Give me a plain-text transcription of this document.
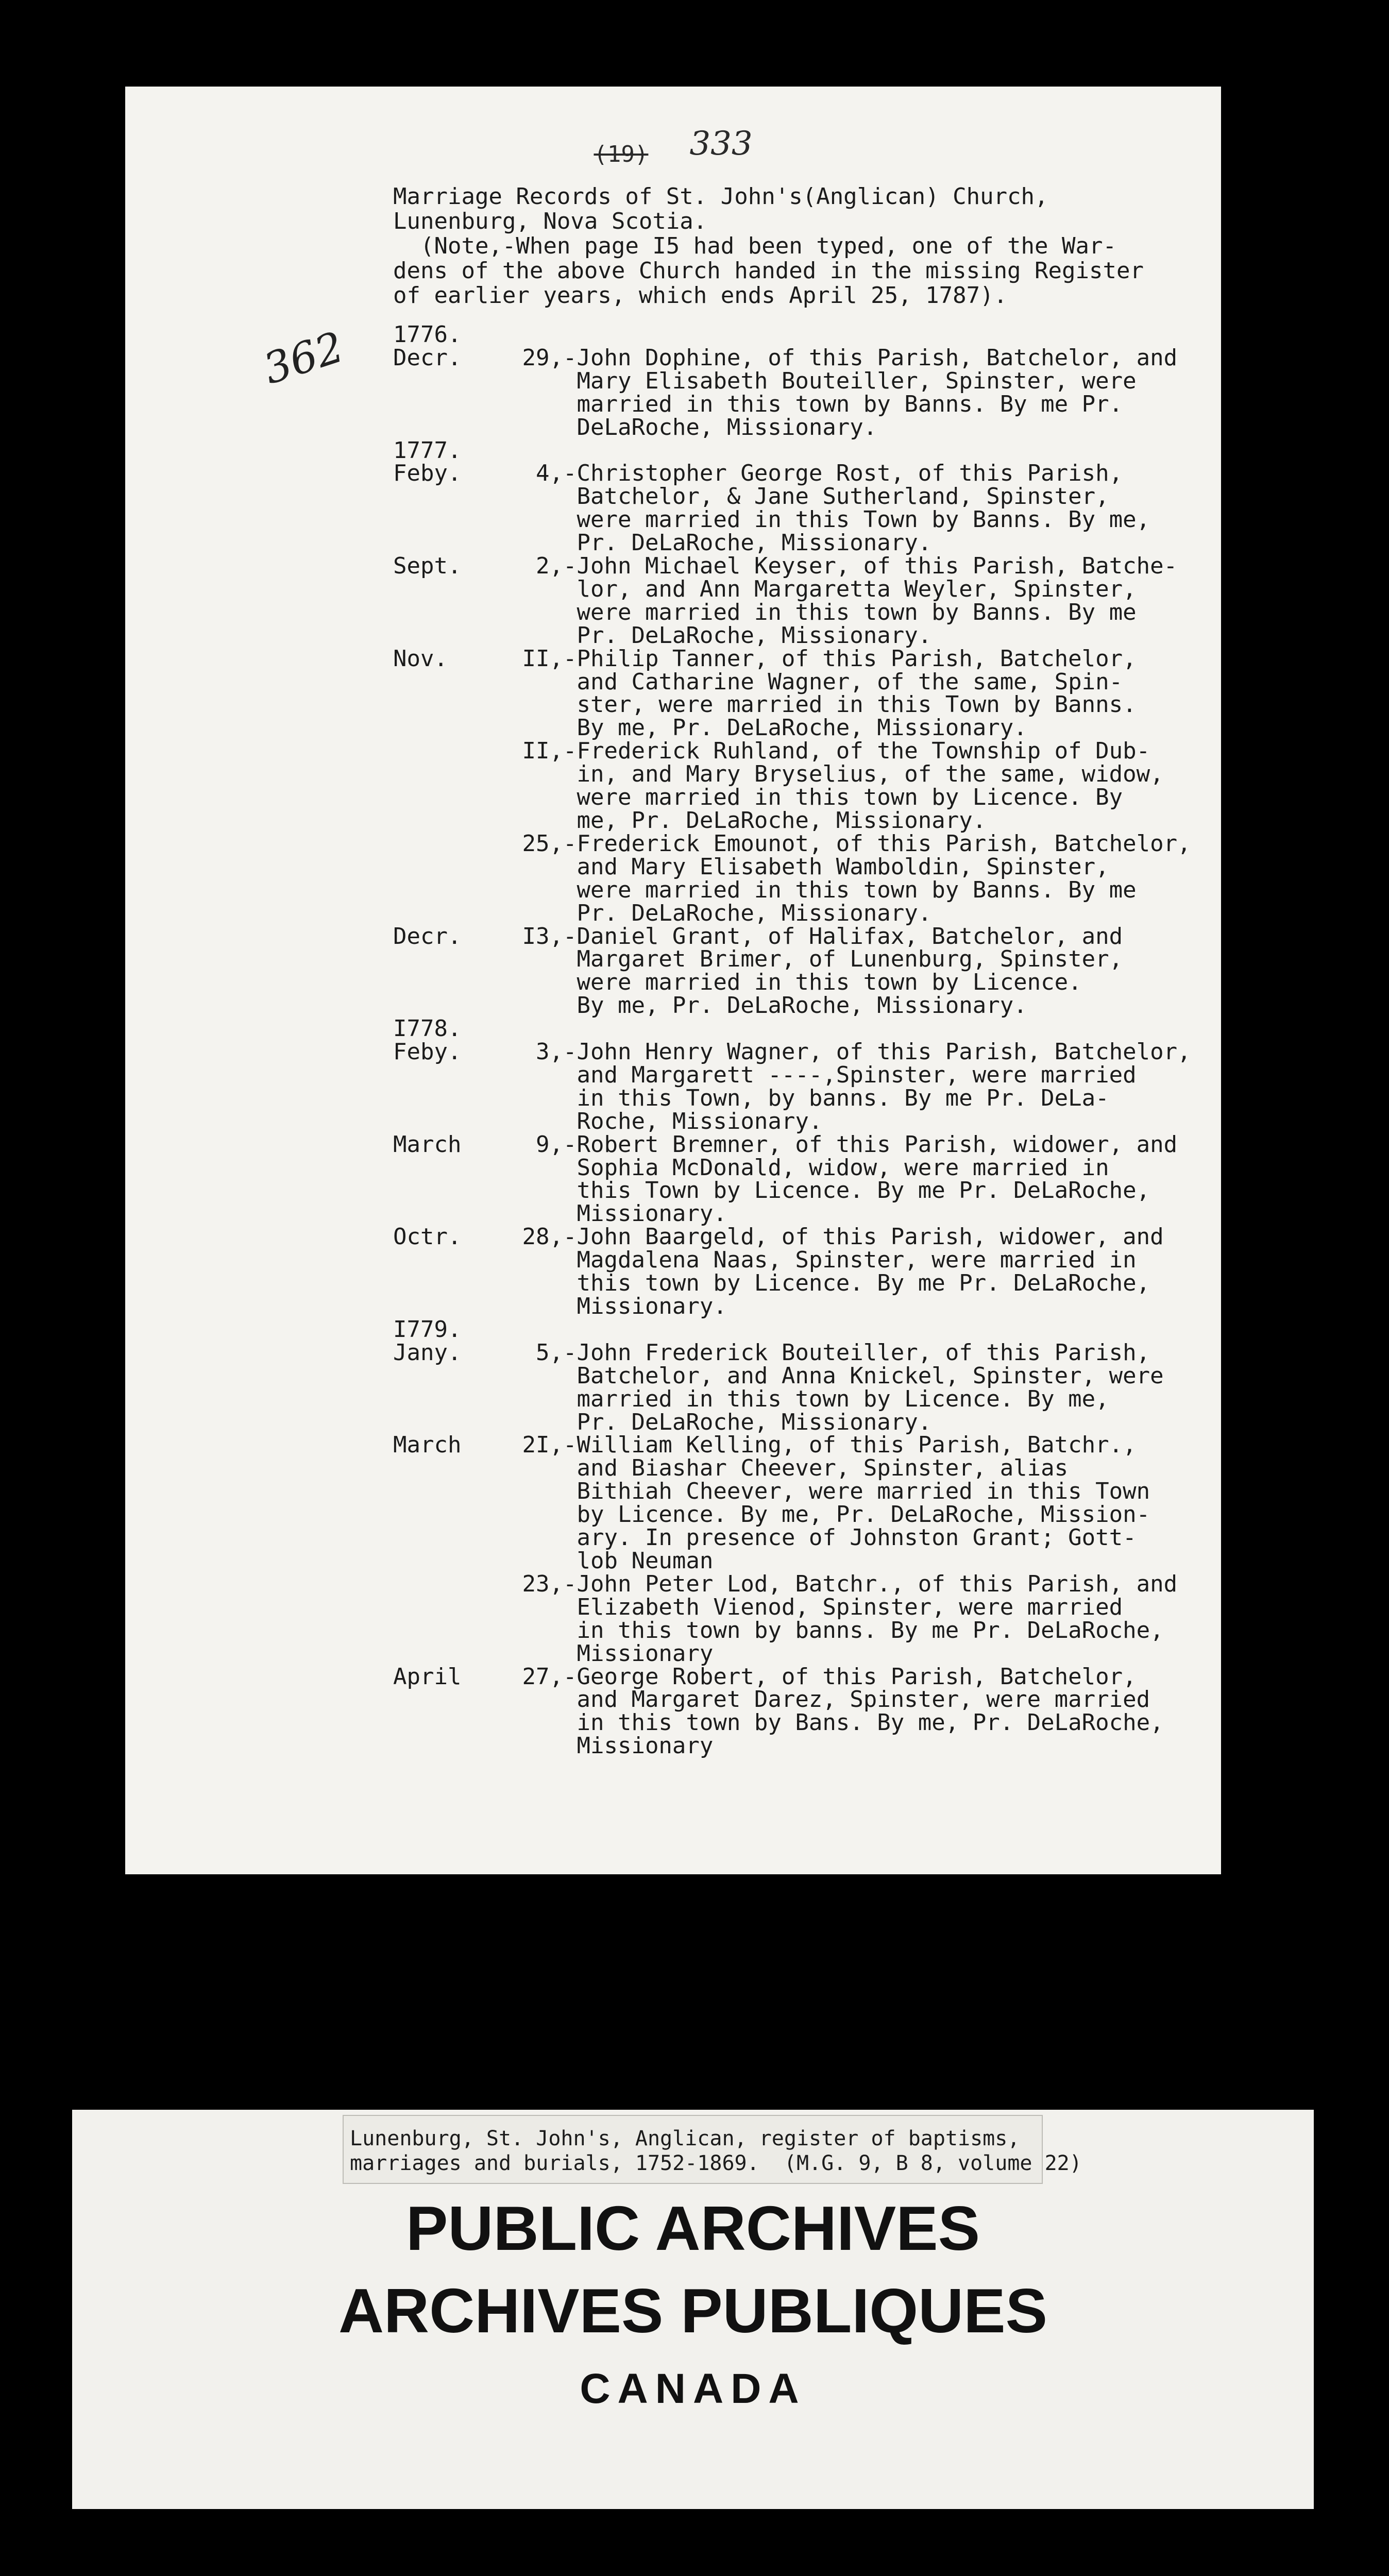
(19) 333
362
Marriage Records of St. John's(Anglican) Church,
Lunenburg, Nova Scotia.
(Note,-When page I5 had been typed, one of the War-
dens of the above Church handed in the missing Register
of earlier years, which ends April 25, 1787).
1776.
Decr.	29, -John Dophine, of this Parish, Batchelor, and
Mary Elisabeth Bouteiller, Spinster, were
married in this town by Banns. By me Pr.
DeLaRoche, Missionary.
1777.
Feby.	4, -Christopher George Rost, of this Parish,
Batchelor, & Jane Sutherland, Spinster,
were married in this Town by Banns. By me,
Pr. DeLaRoche, Missionary.
Sept.	2, -John Michael Keyser, of this Parish, Batche-
lor, and Ann Margaretta Weyler, Spinster,
were married in this town by Banns. By me
Pr. DeLaRoche, Missionary.
Nov.	II, -Philip Tanner, of this Parish, Batchelor,
and Catharine Wagner, of the same, Spin-
ster, were married in this Town by Banns.
By me, Pr. DeLaRoche, Missionary.
II, -Frederick Ruhland, of the Township of Dub-
in, and Mary Bryselius, of the same, widow,
were married in this town by Licence. By
me, Pr. DeLaRoche, Missionary.
25, -Frederick Emounot, of this Parish, Batchelor,
and Mary Elisabeth Wamboldin, Spinster,
were married in this town by Banns. By me
Pr. DeLaRoche, Missionary.
Decr.	I3, -Daniel Grant, of Halifax, Batchelor, and
Margaret Brimer, of Lunenburg, Spinster,
were married in this town by Licence.
By me, Pr. DeLaRoche, Missionary.
I778.
Feby.	3, -John Henry Wagner, of this Parish, Batchelor,
and Margarett ----,Spinster, were married
in this Town, by banns. By me Pr. DeLa-
Roche, Missionary.
March	9, -Robert Bremner, of this Parish, widower, and
Sophia McDonald, widow, were married in
this Town by Licence. By me Pr. DeLaRoche,
Missionary.
Octr.	28, -John Baargeld, of this Parish, widower, and
Magdalena Naas, Spinster, were married in
this town by Licence. By me Pr. DeLaRoche,
Missionary.
I779.
Jany.	5, -John Frederick Bouteiller, of this Parish,
Batchelor, and Anna Knickel, Spinster, were
married in this town by Licence. By me,
Pr. DeLaRoche, Missionary.
March	2I, -William Kelling, of this Parish, Batchr.,
and Biashar Cheever, Spinster, alias
Bithiah Cheever, were married in this Town
by Licence. By me, Pr. DeLaRoche, Mission-
ary. In presence of Johnston Grant; Gott-
lob Neuman
23, -John Peter Lod, Batchr., of this Parish, and
Elizabeth Vienod, Spinster, were married
in this town by banns. By me Pr. DeLaRoche,
Missionary
April	27, -George Robert, of this Parish, Batchelor,
and Margaret Darez, Spinster, were married
in this town by Bans. By me, Pr. DeLaRoche,
Missionary
Lunenburg, St. John's, Anglican, register of baptisms,
marriages and burials, 1752-1869.  (M.G. 9, B 8, volume 22)
PUBLIC ARCHIVES
ARCHIVES PUBLIQUES
CANADA
